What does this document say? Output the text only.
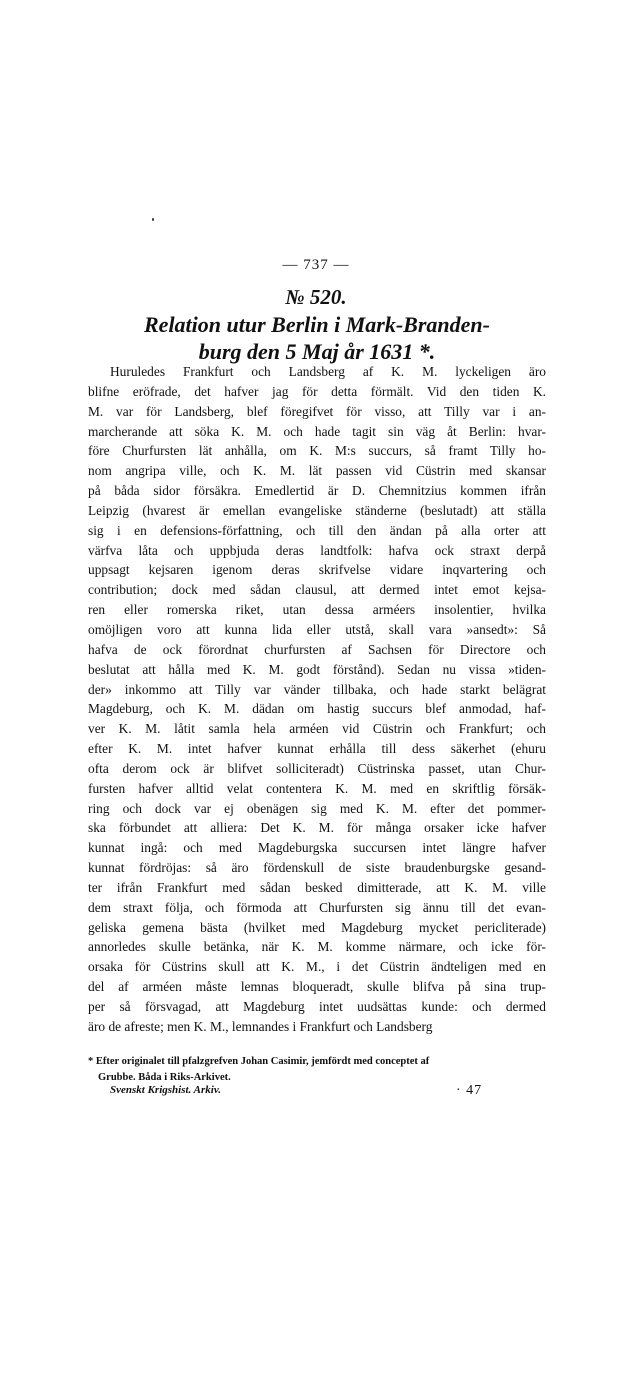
— 737 —
№ 520.
Relation utur Berlin i Mark-Branden-
burg den 5 Maj år 1631 *.
Huruledes Frankfurt och Landsberg af K. M. lyckeligen äro
blifne eröfrade, det hafver jag för detta förmält. Vid den tiden K.
M. var för Landsberg, blef föregifvet för visso, att Tilly var i an-
marcherande att söka K. M. och hade tagit sin väg åt Berlin: hvar-
före Churfursten lät anhålla, om K. M:s succurs, så framt Tilly ho-
nom angripa ville, och K. M. lät passen vid Cüstrin med skansar
på båda sidor försäkra. Emedlertid är D. Chemnitzius kommen ifrån
Leipzig (hvarest är emellan evangeliske ständerne (beslutadt) att ställa
sig i en defensions-författning, och till den ändan på alla orter att
värfva låta och uppbjuda deras landtfolk: hafva ock straxt derpå
uppsagt kejsaren igenom deras skrifvelse vidare inqvartering och
contribution; dock med sådan clausul, att dermed intet emot kejsa-
ren eller romerska riket, utan dessa arméers insolentier, hvilka
omöjligen voro att kunna lida eller utstå, skall vara »ansedt»: Så
hafva de ock förordnat churfursten af Sachsen för Directore och
beslutat att hålla med K. M. godt förstånd). Sedan nu vissa »tiden-
der» inkommo att Tilly var vänder tillbaka, och hade starkt belägrat
Magdeburg, och K. M. dädan om hastig succurs blef anmodad, haf-
ver K. M. låtit samla hela arméen vid Cüstrin och Frankfurt; och
efter K. M. intet hafver kunnat erhålla till dess säkerhet (ehuru
ofta derom ock är blifvet solliciteradt) Cüstrinska passet, utan Chur-
fursten hafver alltid velat contentera K. M. med en skriftlig försäk-
ring och dock var ej obenägen sig med K. M. efter det pommer-
ska förbundet att alliera: Det K. M. för många orsaker icke hafver
kunnat ingå: och med Magdeburgska succursen intet längre hafver
kunnat fördröjas: så äro fördenskull de siste braudenburgske gesand-
ter ifrån Frankfurt med sådan besked dimitterade, att K. M. ville
dem straxt följa, och förmoda att Churfursten sig ännu till det evan-
geliska gemena bästa (hvilket med Magdeburg mycket pericliterade)
annorledes skulle betänka, när K. M. komme närmare, och icke för-
orsaka för Cüstrins skull att K. M., i det Cüstrin ändteligen med en
del af arméen måste lemnas bloqueradt, skulle blifva på sina trup-
per så försvagad, att Magdeburg intet uudsättas kunde: och dermed
äro de afreste; men K. M., lemnandes i Frankfurt och Landsberg
* Efter originalet till pfalzgrefven Johan Casimir, jemfördt med conceptet af
Grubbe. Båda i Riks-Arkivet.
Svenskt Krigshist. Arkiv.	· 47
